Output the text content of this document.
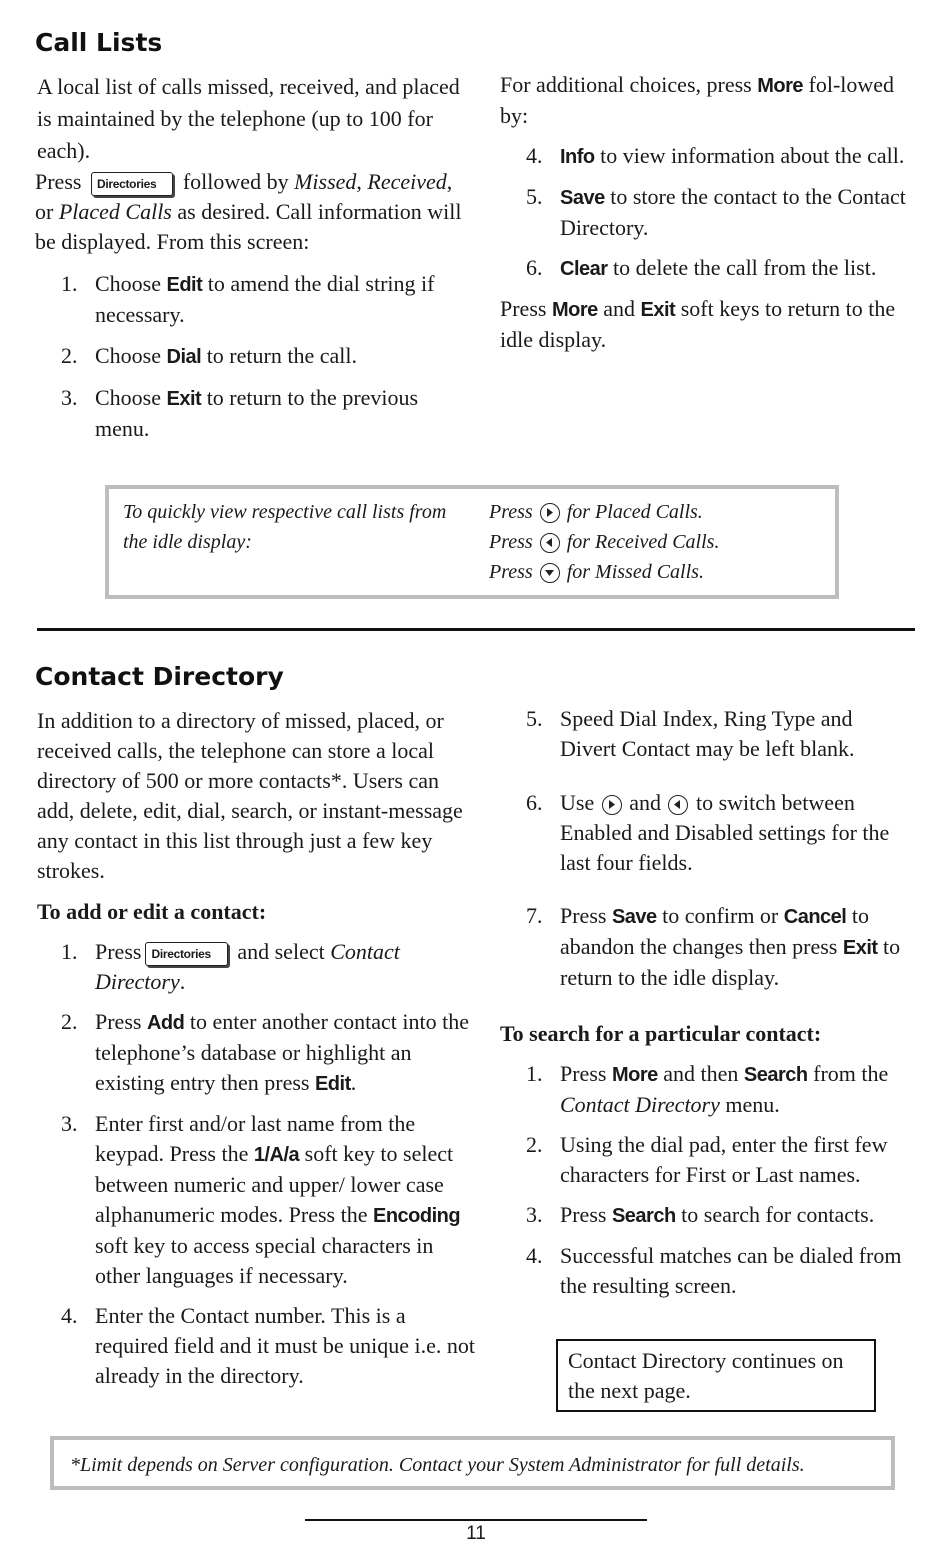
Call Lists

A local list of calls missed, received, and placed is maintained by the telephone (up to 100 for each).

Press Directories followed by Missed, Received, or Placed Calls as desired. Call information will be displayed. From this screen:

1. Choose Edit to amend the dial string if necessary.
2. Choose Dial to return the call.
3. Choose Exit to return to the previous menu.

For additional choices, press More fol-lowed by:

4. Info to view information about the call.
5. Save to store the contact to the Contact Directory.
6. Clear to delete the call from the list.

Press More and Exit soft keys to return to the idle display.

To quickly view respective call lists from the idle display:
Press for Placed Calls.
Press for Received Calls.
Press for Missed Calls.
Contact Directory

In addition to a directory of missed, placed, or received calls, the telephone can store a local directory of 500 or more contacts*. Users can add, delete, edit, dial, search, or instant-message any contact in this list through just a few key strokes.

To add or edit a contact:

1. Press Directories and select Contact Directory.
2. Press Add to enter another contact into the telephone’s database or highlight an existing entry then press Edit.
3. Enter first and/or last name from the keypad. Press the 1/A/a soft key to select between numeric and upper/ lower case alphanumeric modes. Press the Encoding soft key to access special characters in other languages if necessary.
4. Enter the Contact number. This is a required field and it must be unique i.e. not already in the directory.
5. Speed Dial Index, Ring Type and Divert Contact may be left blank.
6. Use and to switch between Enabled and Disabled settings for the last four fields.
7. Press Save to confirm or Cancel to abandon the changes then press Exit to return to the idle display.

To search for a particular contact:

1. Press More and then Search from the Contact Directory menu.
2. Using the dial pad, enter the first few characters for First or Last names.
3. Press Search to search for contacts.
4. Successful matches can be dialed from the resulting screen.
Contact Directory continues on the next page.
*Limit depends on Server configuration. Contact your System Administrator for full details.
11
